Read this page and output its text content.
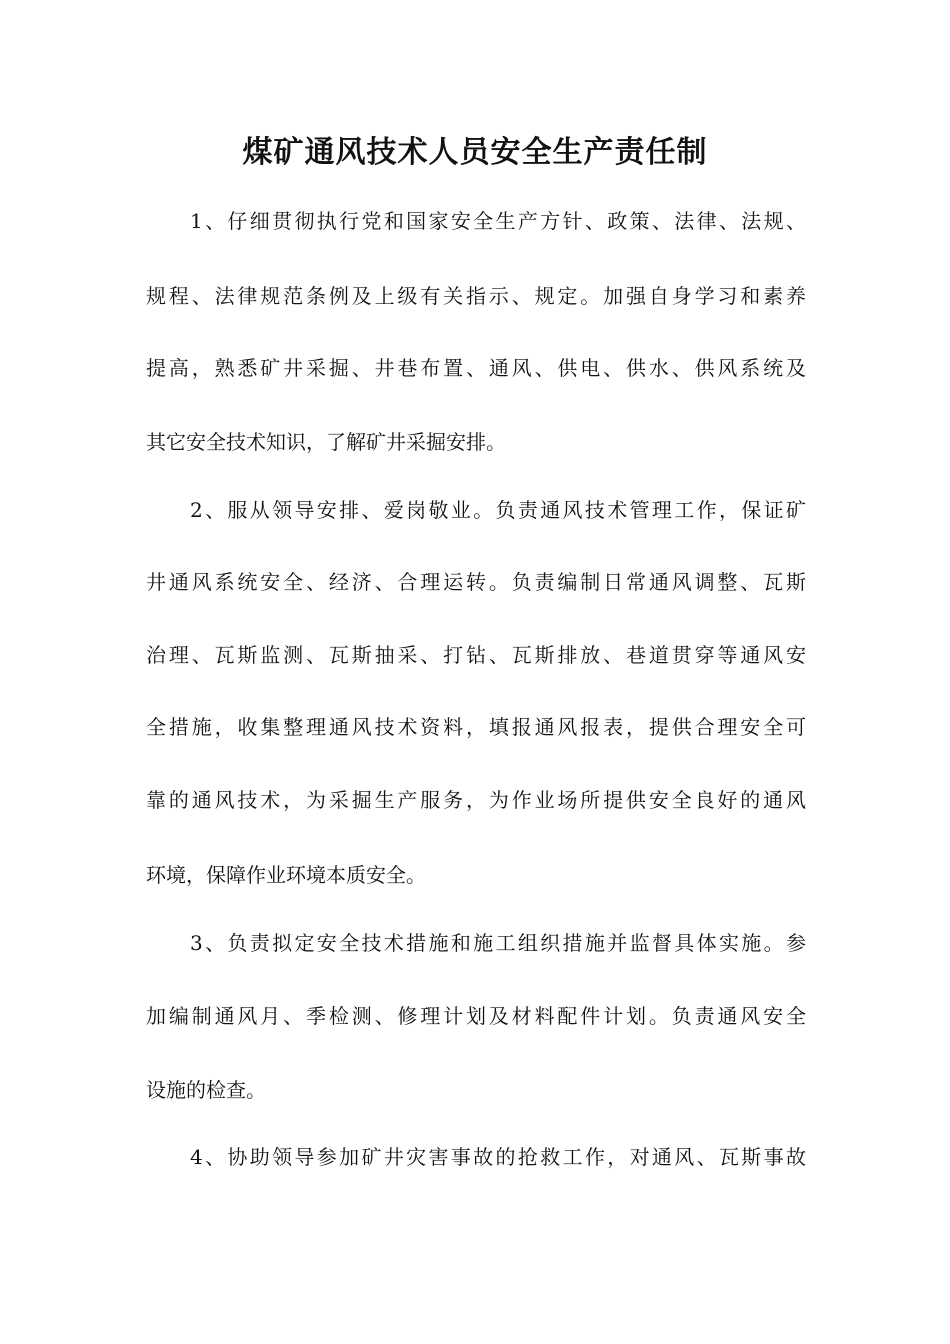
煤矿通风技术人员安全生产责任制

1、仔细贯彻执行党和国家安全生产方针、政策、法律、法规、

规程、法律规范条例及上级有关指示、规定。加强自身学习和素养

提高，熟悉矿井采掘、井巷布置、通风、供电、供水、供风系统及

其它安全技术知识，了解矿井采掘安排。

2、服从领导安排、爱岗敬业。负责通风技术管理工作，保证矿

井通风系统安全、经济、合理运转。负责编制日常通风调整、瓦斯

治理、瓦斯监测、瓦斯抽采、打钻、瓦斯排放、巷道贯穿等通风安

全措施，收集整理通风技术资料，填报通风报表，提供合理安全可

靠的通风技术，为采掘生产服务，为作业场所提供安全良好的通风

环境，保障作业环境本质安全。

3、负责拟定安全技术措施和施工组织措施并监督具体实施。参

加编制通风月、季检测、修理计划及材料配件计划。负责通风安全

设施的检查。

4、协助领导参加矿井灾害事故的抢救工作，对通风、瓦斯事故
